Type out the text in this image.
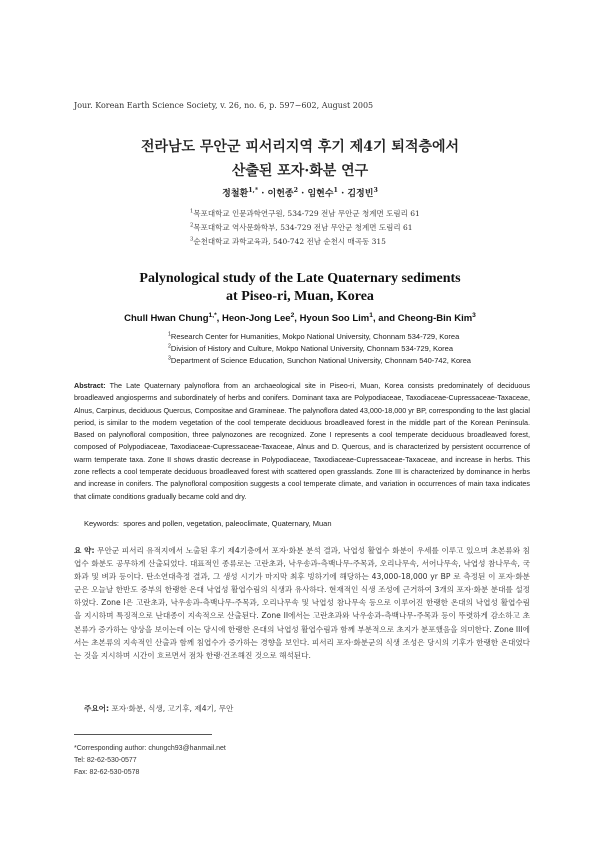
Jour. Korean Earth Science Society, v. 26, no. 6, p. 597−602, August 2005
전라남도 무안군 피서리지역 후기 제4기 퇴적층에서
산출된 포자·화분 연구
정철환$^{1,*}$ · 이헌종$^2$ · 임현수$^1$ · 김정빈$^3$
$^1$목포대학교 인문과학연구원, 534-729 전남 무안군 청계면 도림리 61
$^2$목포대학교 역사문화학부, 534-729 전남 무안군 청계면 도림리 61
$^3$순천대학교 과학교육과, 540-742 전남 순천시 매곡동 315
Palynological study of the Late Quaternary sediments
at Piseo-ri, Muan, Korea
Chull Hwan Chung$^{1,*}$, Heon-Jong Lee$^2$, Hyoun Soo Lim$^1$, and Cheong-Bin Kim$^3$
$^1$Research Center for Humanities, Mokpo National University, Chonnam 534-729, Korea
$^2$Division of History and Culture, Mokpo National University, Chonnam 534-729, Korea
$^3$Department of Science Education, Sunchon National University, Chonnam 540-742, Korea
Abstract: The Late Quaternary palynoflora from an archaeological site in Piseo-ri, Muan, Korea consists predominately of deciduous broadleaved angiosperms and subordinately of herbs and conifers. Dominant taxa are Polypodiaceae, Taxodiaceae-Cupressaceae-Taxaceae, Alnus, Carpinus, deciduous Quercus, Compositae and Gramineae. The palynoflora dated 43,000-18,000 yr BP, corresponding to the last glacial period, is similar to the modern vegetation of the cool temperate deciduous broadleaved forest in the middle part of the Korean Peninsula. Based on palynofloral composition, three palynozones are recognized. Zone I represents a cool temperate deciduous broadleaved forest, composed of Polypodiaceae, Taxodiaceae-Cupressaceae-Taxaceae, Alnus and D. Quercus, and is characterized by persistent occurrence of warm temperate taxa. Zone II shows drastic decrease in Polypodiaceae, Taxodiaceae-Cupressaceae-Taxaceae, and increase in herbs. This zone reflects a cool temperate deciduous broadleaved forest with scattered open grasslands. Zone III is characterized by dominance in herbs and increase in conifers. The palynofloral composition suggests a cool temperate climate, and variation in occurrences of main taxa indicates that climate conditions gradually became cold and dry.
Keywords: spores and pollen, vegetation, paleoclimate, Quaternary, Muan
요 약: 무안군 피서리 유적지에서 노출된 후기 제4기층에서 포자·화분 분석 결과, 낙엽성 활엽수 화분이 우세를 이루고 있으며 초본류와 침엽수 화분도 공무하게 산출되었다. 대표적인 종류로는 고란초과, 낙우송과-측백나무-주목과, 오리나무속, 서어나무속, 낙엽성 참나무속, 국화과 및 벼과 등이다. 탄소연대측정 결과, 그 생성 시기가 마지막 최후 빙하기에 해당하는 43,000-18,000 yr BP 로 측정된 이 포자·화분군은 오늘날 한반도 중부의 한랭한 온대 낙엽성 활엽수림의 식생과 유사하다. 현재적인 식생 조성에 근거하여 3개의 포자·화분 분대를 설정하였다. Zone I은 고란초과, 낙우송과-측백나무-주목과, 오리나무속 및 낙엽성 참나무속 등으로 이루어진 한랭한 온대의 낙엽성 활엽수림을 지시하며 특징적으로 난대종이 지속적으로 산출된다. Zone II에서는 고란초과와 낙우송과-측백나무-주목과 등이 뚜렷하게 감소하고 초본류가 증가하는 양상을 보이는데 이는 당시에 한랭한 온대의 낙엽성 활엽수림과 함께 부분적으로 초지가 분포했음을 의미한다. Zone III에서는 초본류의 지속적인 산출과 함께 침엽수가 증가하는 경향을 보인다. 피서리 포자·화분군의 식생 조성은 당시의 기후가 한랭한 온대였다는 것을 지시하며 시간이 흐르면서 점차 한랭·건조해진 것으로 해석된다.
주요어: 포자·화분, 식생, 고기후, 제4기, 무안
*Corresponding author: chungch93@hanmail.net
Tel: 82-62-530-0577
Fax: 82-62-530-0578
